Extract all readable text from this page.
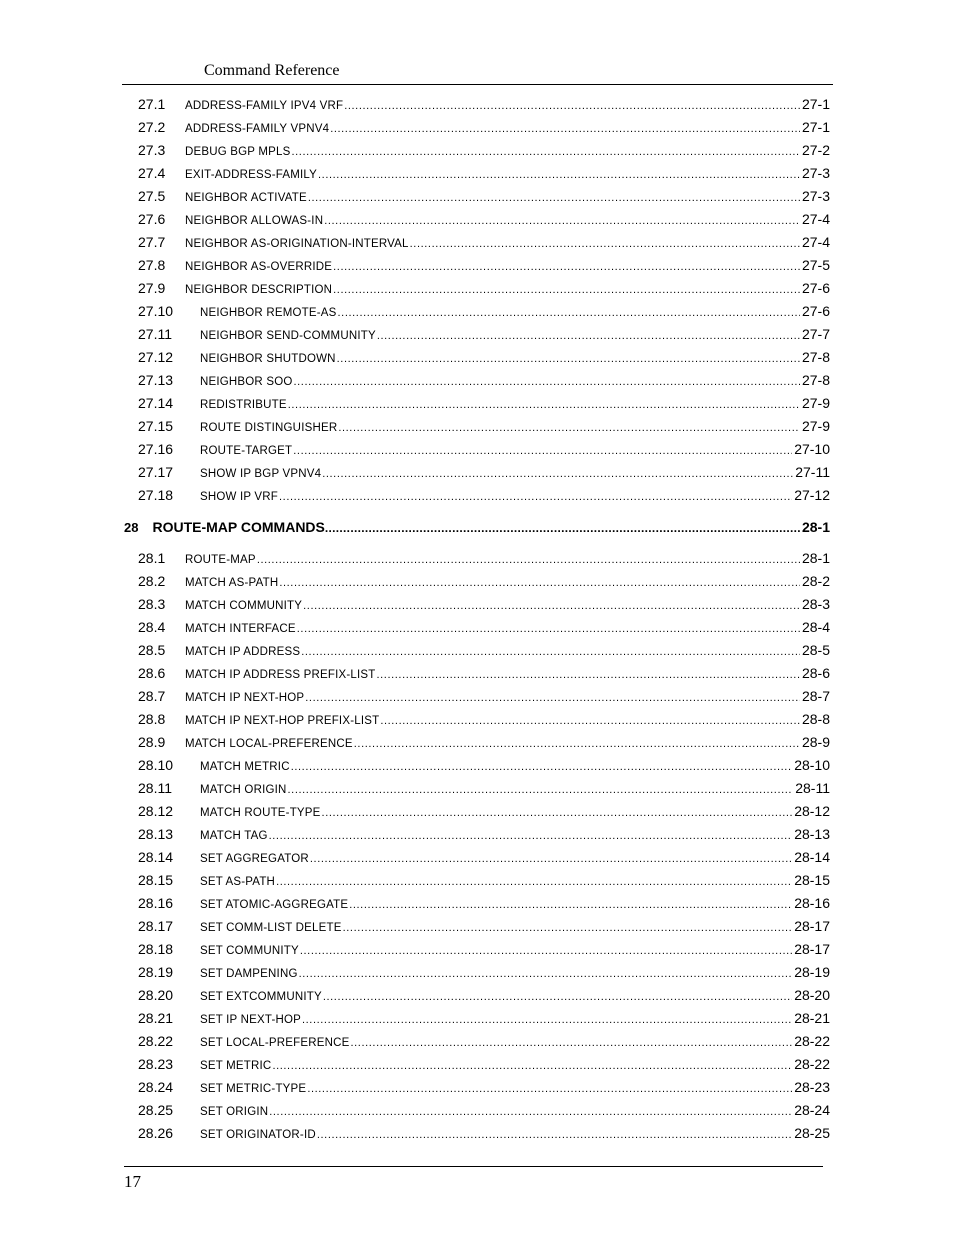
Command Reference
27.1 ADDRESS-FAMILY IPV4 VRF .....	27-1
27.2 ADDRESS-FAMILY VPNV4 .....	27-1
27.3 DEBUG BGP MPLS .....	27-2
27.4 EXIT-ADDRESS-FAMILY .....	27-3
27.5 NEIGHBOR ACTIVATE .....	27-3
27.6 NEIGHBOR ALLOWAS-IN .....	27-4
27.7 NEIGHBOR AS-ORIGINATION-INTERVAL .....	27-4
27.8 NEIGHBOR AS-OVERRIDE .....	27-5
27.9 NEIGHBOR DESCRIPTION .....	27-6
27.10 NEIGHBOR REMOTE-AS .....	27-6
27.11 NEIGHBOR SEND-COMMUNITY .....	27-7
27.12 NEIGHBOR SHUTDOWN .....	27-8
27.13 NEIGHBOR SOO .....	27-8
27.14 REDISTRIBUTE .....	27-9
27.15 ROUTE DISTINGUISHER .....	27-9
27.16 ROUTE-TARGET .....	27-10
27.17 SHOW IP BGP VPNV4 .....	27-11
27.18 SHOW IP VRF .....	27-12
28 ROUTE-MAP COMMANDS .....	28-1
28.1 ROUTE-MAP .....	28-1
28.2 MATCH AS-PATH .....	28-2
28.3 MATCH COMMUNITY .....	28-3
28.4 MATCH INTERFACE .....	28-4
28.5 MATCH IP ADDRESS .....	28-5
28.6 MATCH IP ADDRESS PREFIX-LIST .....	28-6
28.7 MATCH IP NEXT-HOP .....	28-7
28.8 MATCH IP NEXT-HOP PREFIX-LIST .....	28-8
28.9 MATCH LOCAL-PREFERENCE .....	28-9
28.10 MATCH METRIC .....	28-10
28.11 MATCH ORIGIN .....	28-11
28.12 MATCH ROUTE-TYPE .....	28-12
28.13 MATCH TAG .....	28-13
28.14 SET AGGREGATOR .....	28-14
28.15 SET AS-PATH .....	28-15
28.16 SET ATOMIC-AGGREGATE .....	28-16
28.17 SET COMM-LIST DELETE .....	28-17
28.18 SET COMMUNITY .....	28-17
28.19 SET DAMPENING .....	28-19
28.20 SET EXTCOMMUNITY .....	28-20
28.21 SET IP NEXT-HOP .....	28-21
28.22 SET LOCAL-PREFERENCE .....	28-22
28.23 SET METRIC .....	28-22
28.24 SET METRIC-TYPE .....	28-23
28.25 SET ORIGIN .....	28-24
28.26 SET ORIGINATOR-ID .....	28-25
17
